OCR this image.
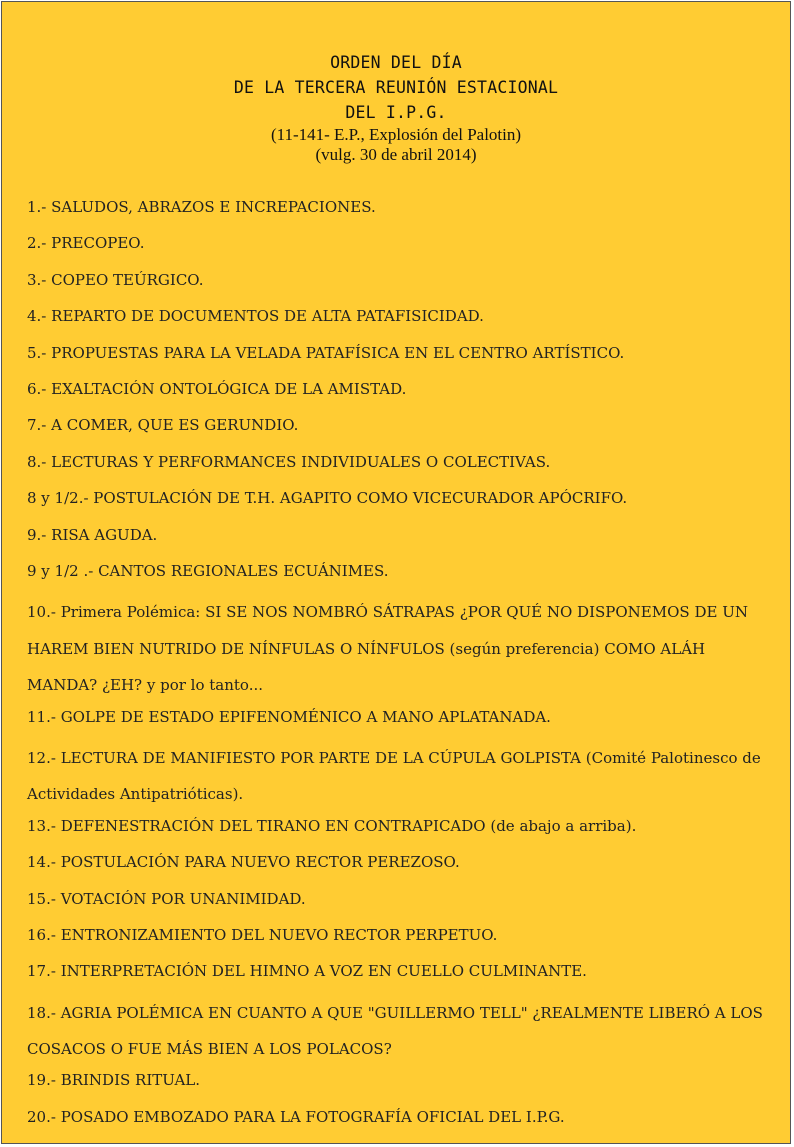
ORDEN DEL DÍA
DE LA TERCERA REUNIÓN ESTACIONAL
DEL I.P.G.
(11-141- E.P., Explosión del Palotin)
(vulg. 30 de abril 2014)
1.- SALUDOS, ABRAZOS E INCREPACIONES.
2.- PRECOPEO.
3.- COPEO TEÚRGICO.
4.- REPARTO DE DOCUMENTOS DE ALTA PATAFISICIDAD.
5.- PROPUESTAS PARA LA VELADA PATAFÍSICA EN EL CENTRO ARTÍSTICO.
6.- EXALTACIÓN ONTOLÓGICA DE LA AMISTAD.
7.- A COMER, QUE ES GERUNDIO.
8.- LECTURAS Y PERFORMANCES INDIVIDUALES O COLECTIVAS.
8 y 1/2.- POSTULACIÓN DE T.H. AGAPITO COMO VICECURADOR APÓCRIFO.
9.- RISA AGUDA.
9 y 1/2 .- CANTOS REGIONALES ECUÁNIMES.
10.- Primera Polémica: SI SE NOS NOMBRÓ SÁTRAPAS ¿POR QUÉ NO DISPONEMOS DE UN HAREM BIEN NUTRIDO DE NÍNFULAS O NÍNFULOS (según preferencia) COMO ALÁH MANDA? ¿EH? y por lo tanto...
11.- GOLPE DE ESTADO EPIFENOMÉNICO A MANO APLATANADA.
12.- LECTURA DE MANIFIESTO POR PARTE DE LA CÚPULA GOLPISTA (Comité Palotinesco de Actividades Antipatrióticas).
13.- DEFENESTRACIÓN DEL TIRANO EN CONTRAPICADO (de abajo a arriba).
14.- POSTULACIÓN PARA NUEVO RECTOR PEREZOSO.
15.- VOTACIÓN POR UNANIMIDAD.
16.- ENTRONIZAMIENTO DEL NUEVO RECTOR PERPETUO.
17.- INTERPRETACIÓN DEL HIMNO A VOZ EN CUELLO CULMINANTE.
18.- AGRIA POLÉMICA EN CUANTO A QUE "GUILLERMO TELL" ¿REALMENTE LIBERÓ A LOS COSACOS O FUE MÁS BIEN A LOS POLACOS?
19.- BRINDIS RITUAL.
20.- POSADO EMBOZADO PARA LA FOTOGRAFÍA OFICIAL DEL I.P.G.
